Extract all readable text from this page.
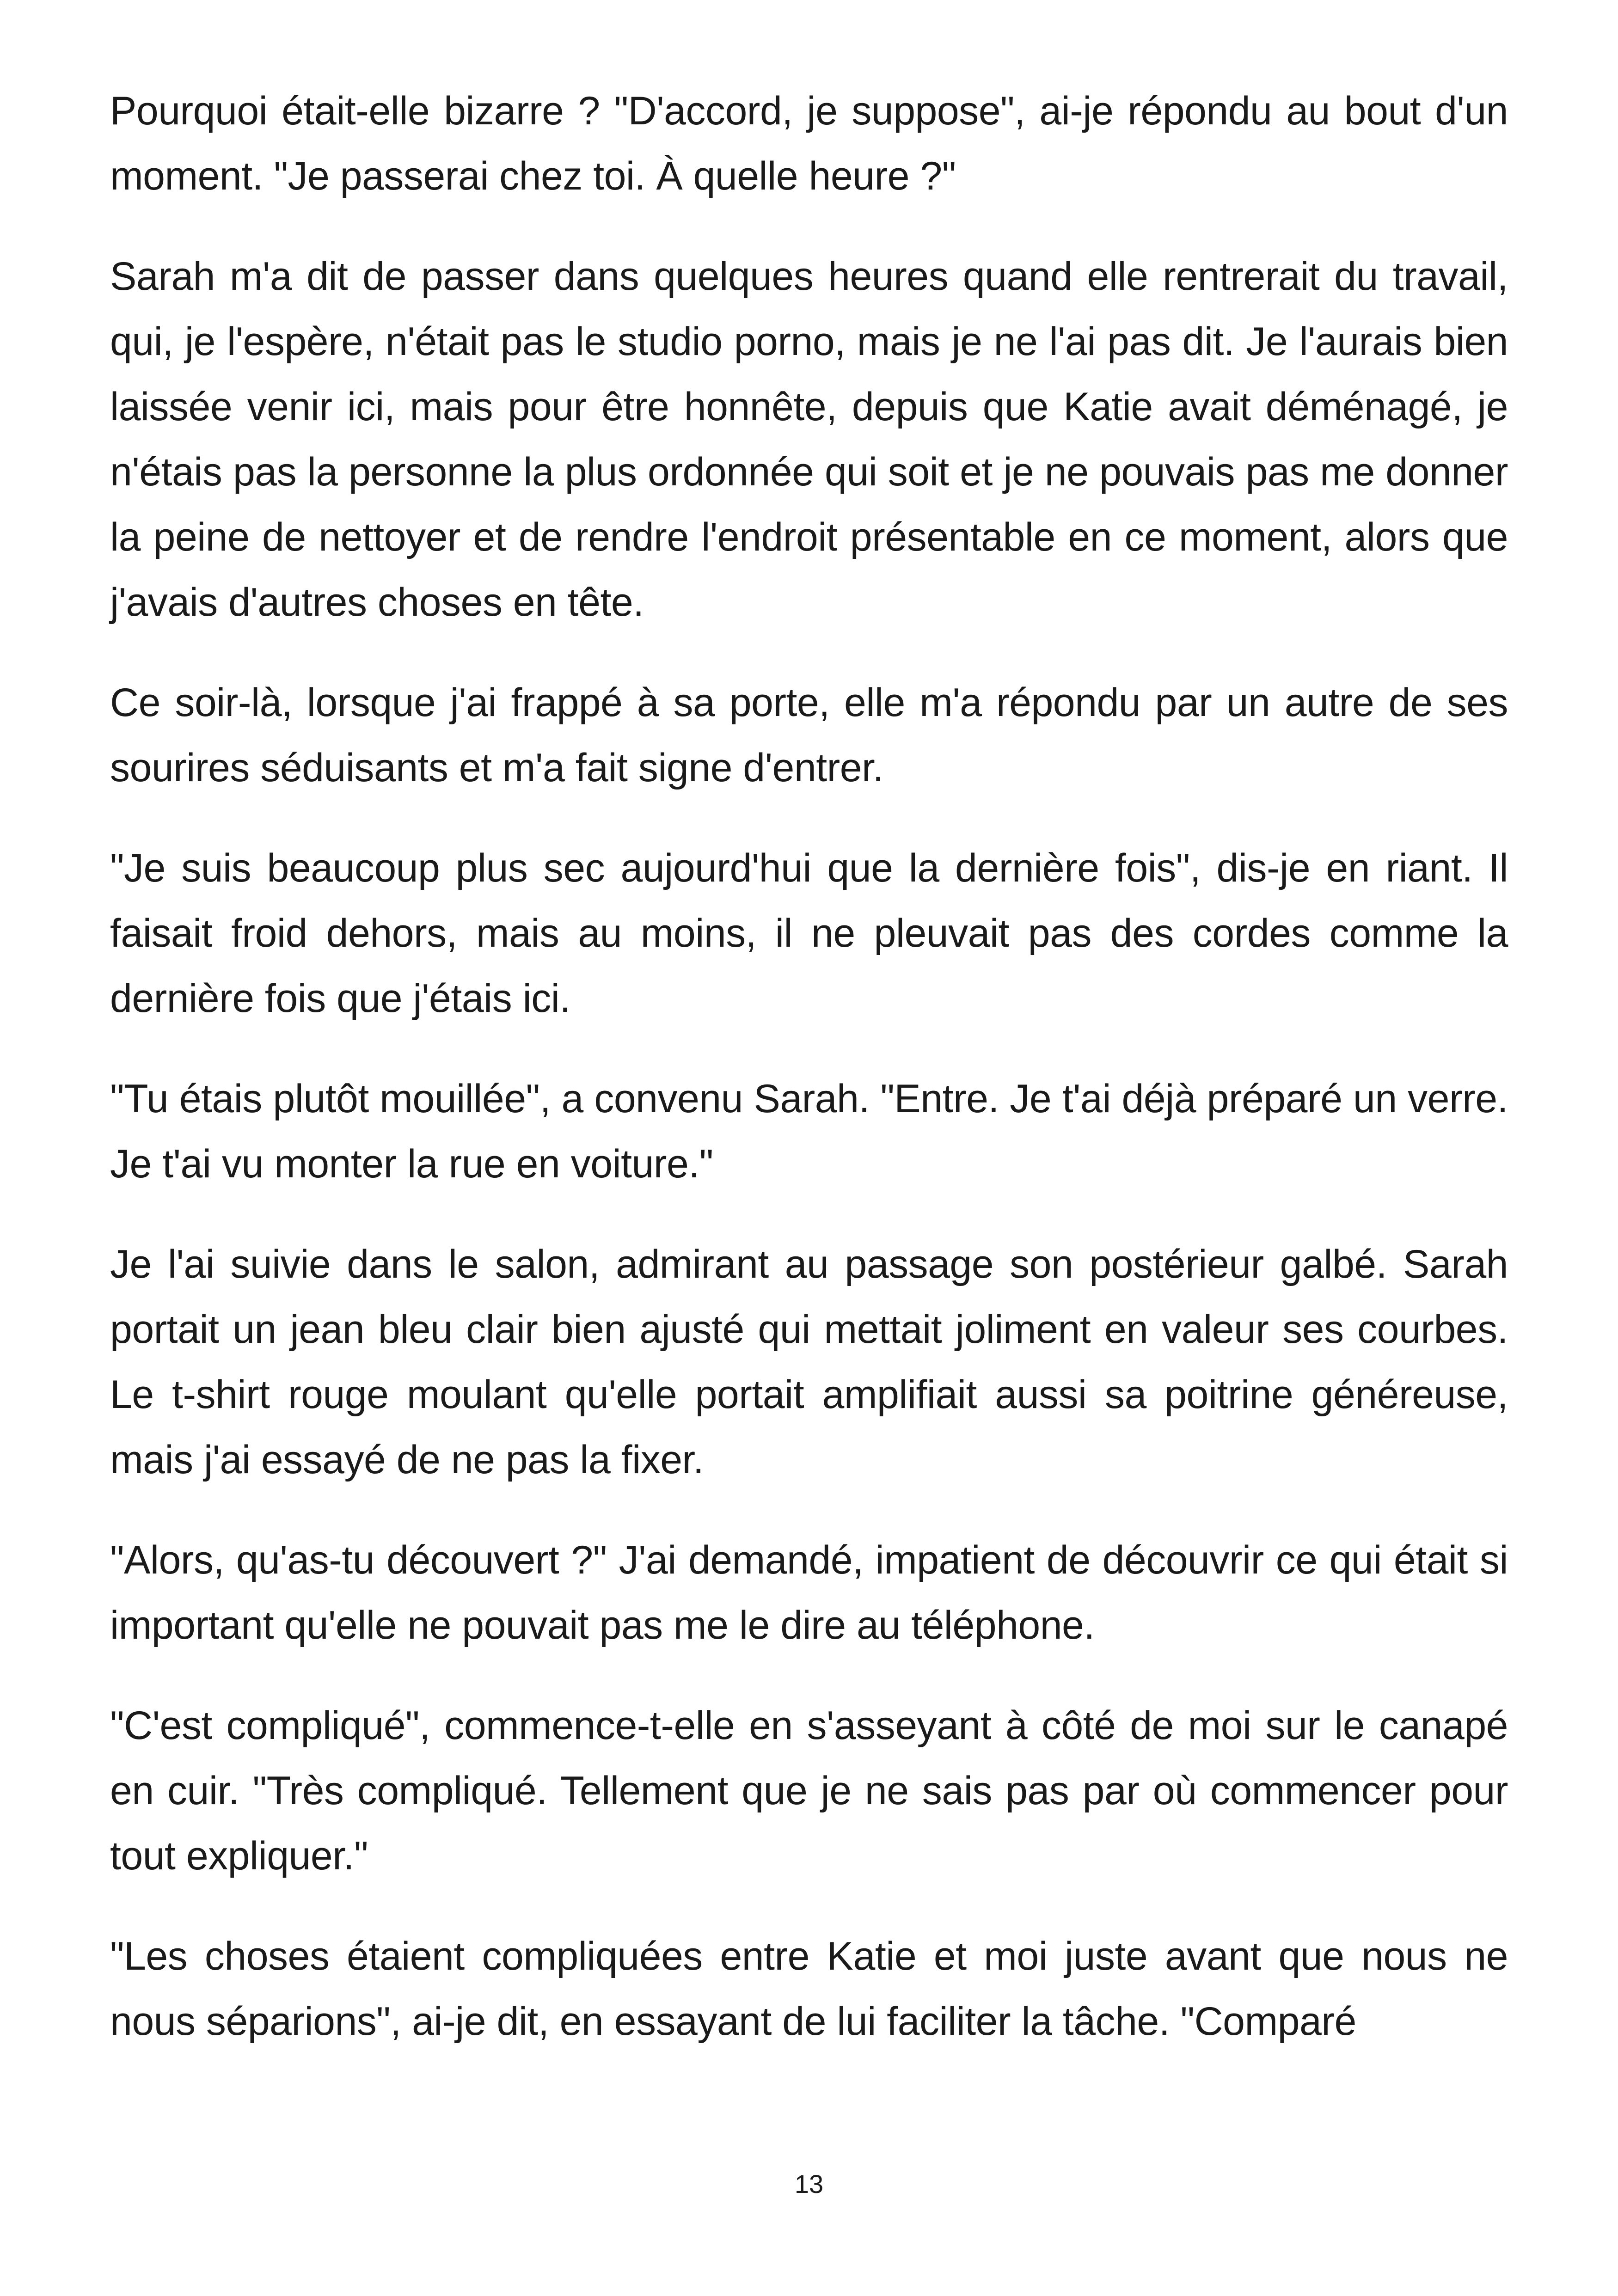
Pourquoi était-elle bizarre ? "D'accord, je suppose", ai-je répondu au bout d'un moment. "Je passerai chez toi. À quelle heure ?"

Sarah m'a dit de passer dans quelques heures quand elle rentrerait du travail, qui, je l'espère, n'était pas le studio porno, mais je ne l'ai pas dit. Je l'aurais bien laissée venir ici, mais pour être honnête, depuis que Katie avait déménagé, je n'étais pas la personne la plus ordonnée qui soit et je ne pouvais pas me donner la peine de nettoyer et de rendre l'endroit présentable en ce moment, alors que j'avais d'autres choses en tête.

Ce soir-là, lorsque j'ai frappé à sa porte, elle m'a répondu par un autre de ses sourires séduisants et m'a fait signe d'entrer.

"Je suis beaucoup plus sec aujourd'hui que la dernière fois", dis-je en riant. Il faisait froid dehors, mais au moins, il ne pleuvait pas des cordes comme la dernière fois que j'étais ici.

"Tu étais plutôt mouillée", a convenu Sarah. "Entre. Je t'ai déjà préparé un verre. Je t'ai vu monter la rue en voiture."

Je l'ai suivie dans le salon, admirant au passage son postérieur galbé. Sarah portait un jean bleu clair bien ajusté qui mettait joliment en valeur ses courbes. Le t-shirt rouge moulant qu'elle portait amplifiait aussi sa poitrine généreuse, mais j'ai essayé de ne pas la fixer.

"Alors, qu'as-tu découvert ?" J'ai demandé, impatient de découvrir ce qui était si important qu'elle ne pouvait pas me le dire au téléphone.

"C'est compliqué", commence-t-elle en s'asseyant à côté de moi sur le canapé en cuir. "Très compliqué. Tellement que je ne sais pas par où commencer pour tout expliquer."

"Les choses étaient compliquées entre Katie et moi juste avant que nous ne nous séparions", ai-je dit, en essayant de lui faciliter la tâche. "Comparé

13
